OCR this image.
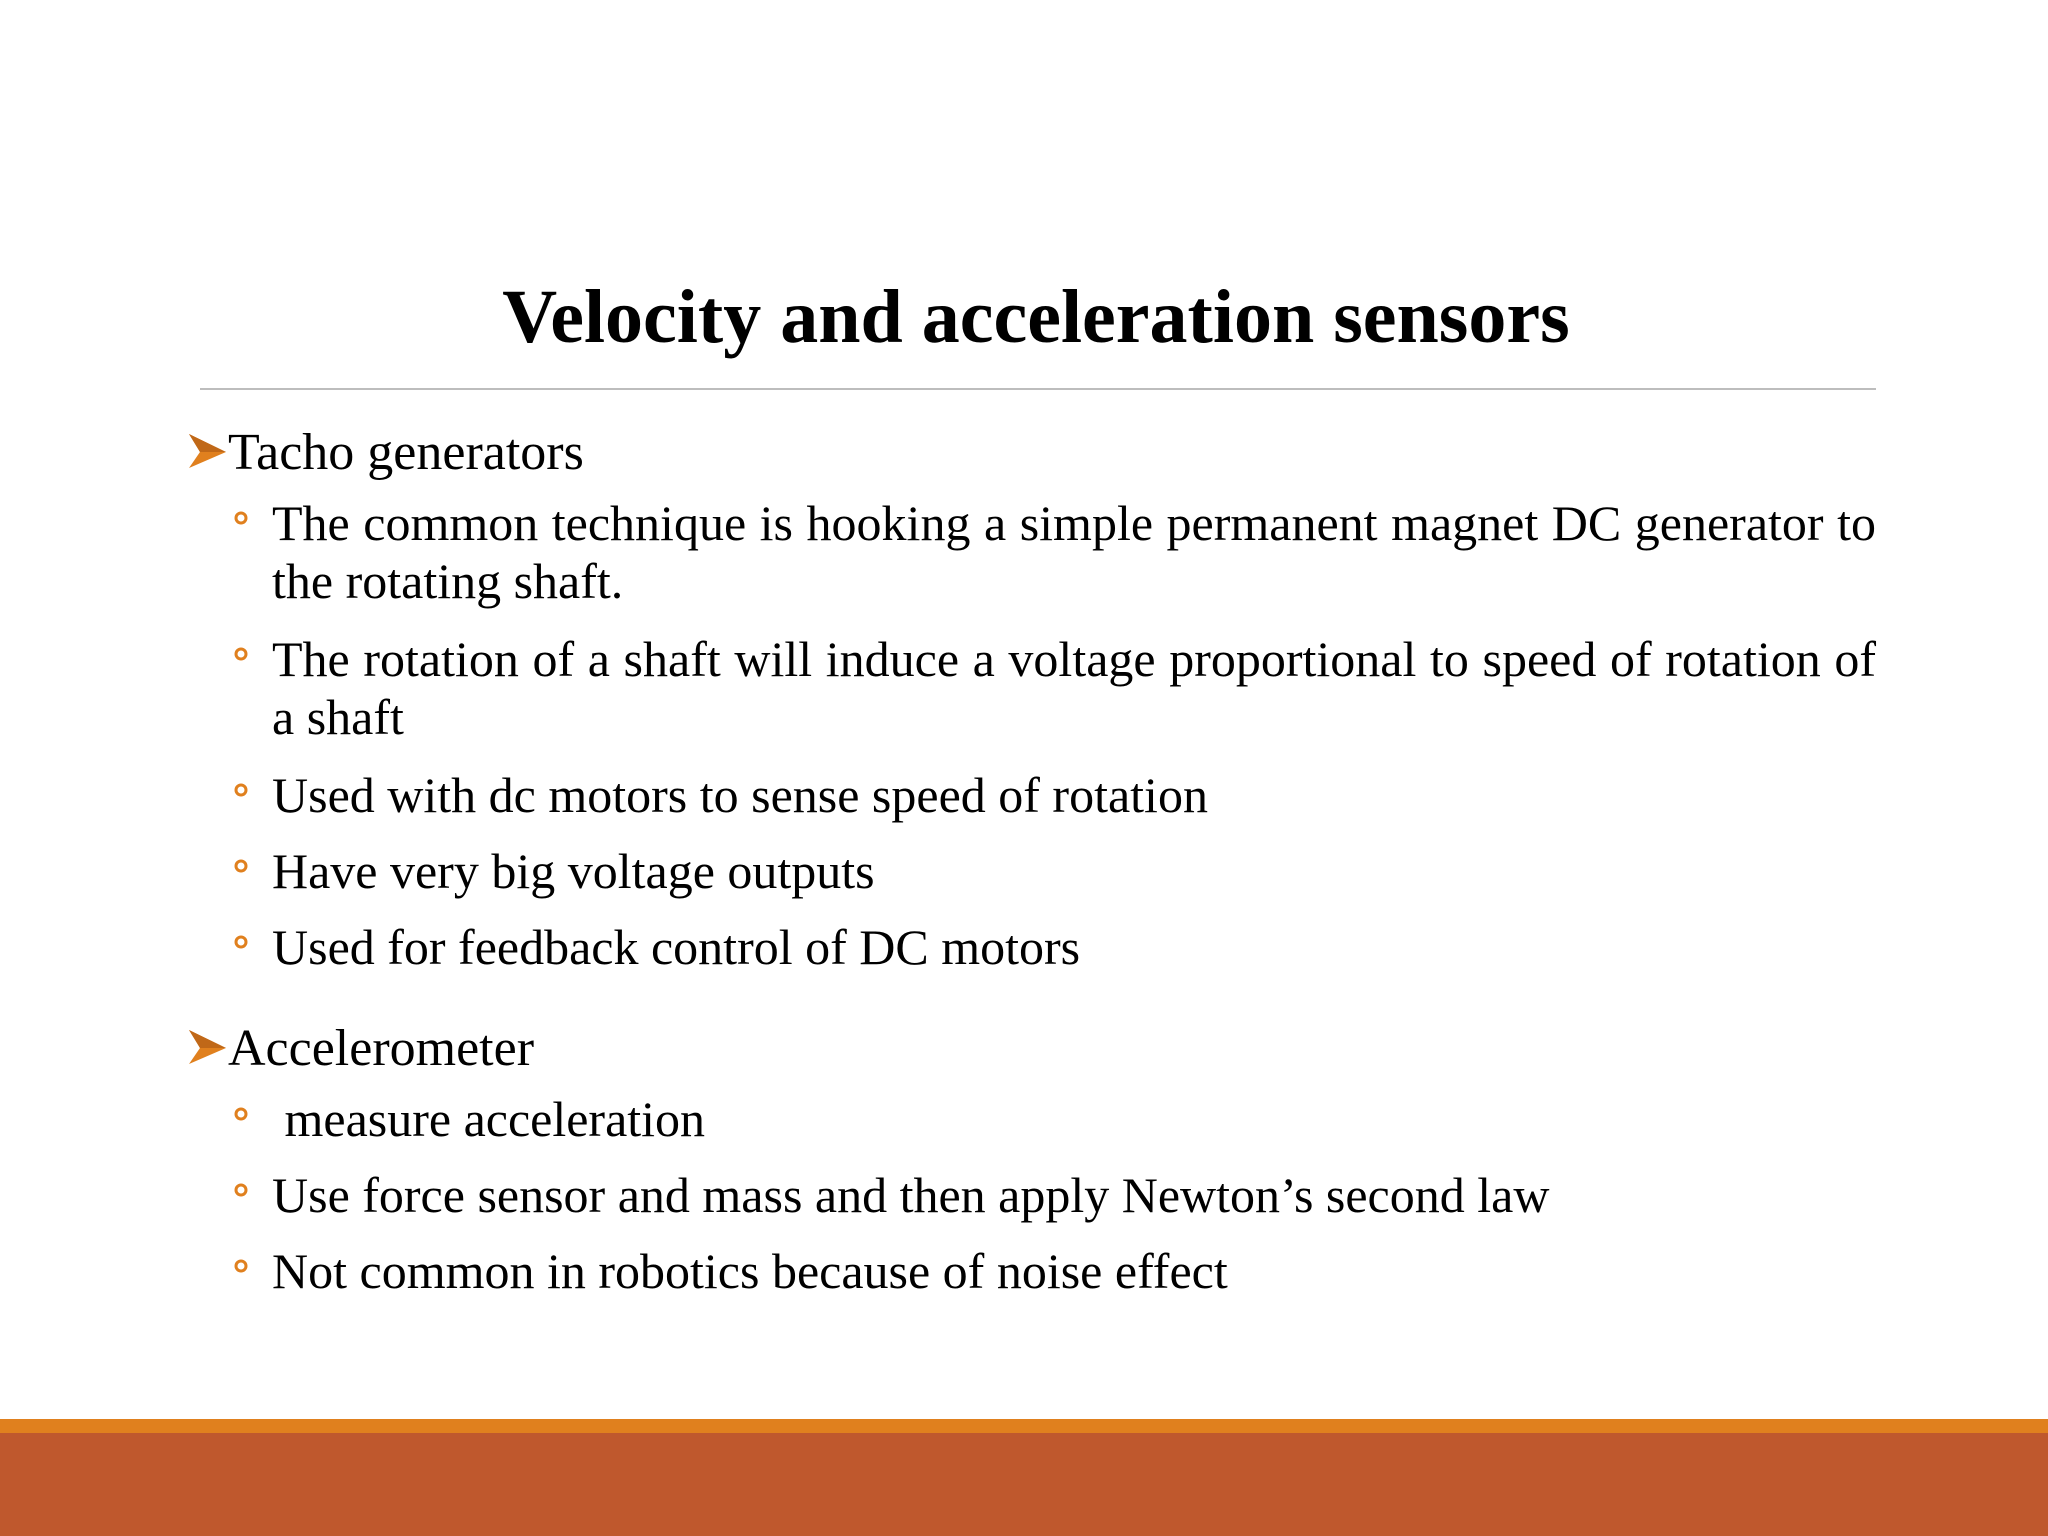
Velocity and acceleration sensors
Tacho generators
The common technique is hooking a simple permanent magnet DC generator to the rotating shaft.
The rotation of a shaft will induce a voltage proportional to speed of rotation of a shaft
Used with dc motors to sense speed of rotation
Have very big voltage outputs
Used for feedback control of DC motors
Accelerometer
measure acceleration
Use force sensor and mass and then apply Newton’s second law
Not common in robotics because of noise effect
